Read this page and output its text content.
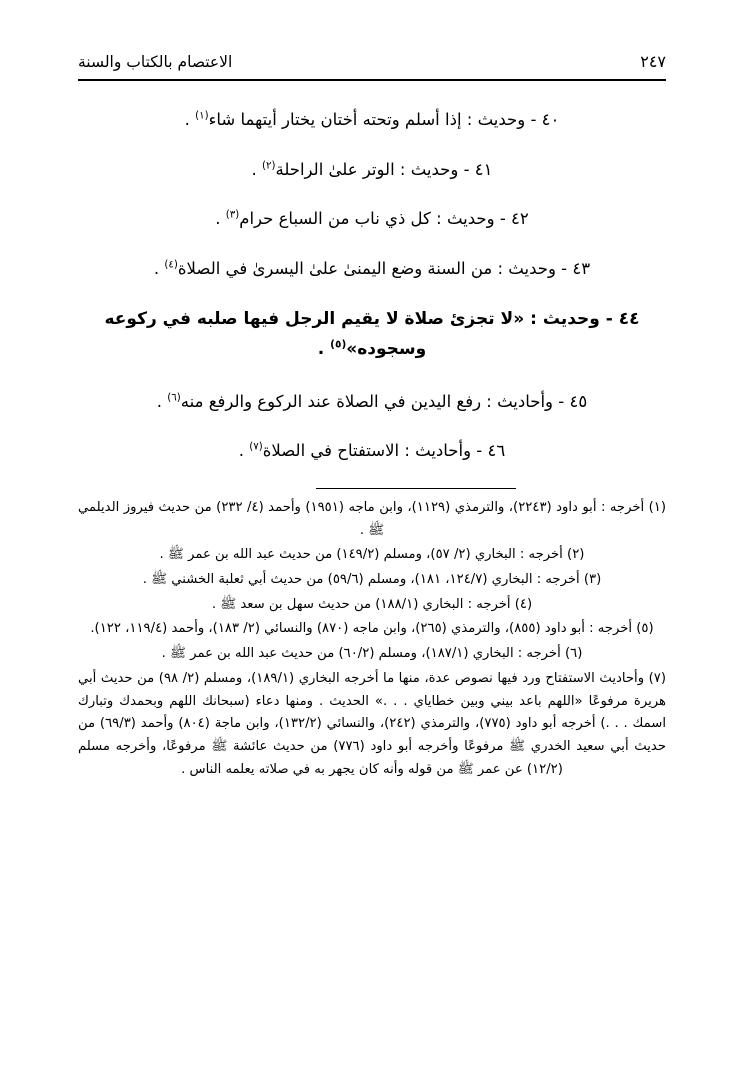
الاعتصام بالكتاب والسنة	٢٤٧
٤٠ - وحديث : إذا أسلم وتحته أختان يختار أيتهما شاء$^{(١)}$ .
٤١ - وحديث : الوتر علىٰ الراحلة$^{(٢)}$ .
٤٢ - وحديث : كل ذي ناب من السباع حرام$^{(٣)}$ .
٤٣ - وحديث : من السنة وضع اليمنىٰ علىٰ اليسرىٰ في الصلاة$^{(٤)}$ .
٤٤ - وحديث : «لا تجزئ صلاة لا يقيم الرجل فيها صلبه في ركوعه وسجوده»$^{(٥)}$ .
٤٥ - وأحاديث : رفع اليدين في الصلاة عند الركوع والرفع منه$^{(٦)}$ .
٤٦ - وأحاديث : الاستفتاح في الصلاة$^{(٧)}$ .
(١) أخرجه : أبو داود (٢٢٤٣)، والترمذي (١١٢٩)، وابن ماجه (١٩٥١) وأحمد (٤/ ٢٣٢) من حديث فيروز الديلمي ﷺ .
(٢) أخرجه : البخاري (٢/ ٥٧)، ومسلم (١٤٩/٢) من حديث عبد الله بن عمر ﷺ .
(٣) أخرجه : البخاري (١٢٤/٧، ١٨١)، ومسلم (٥٩/٦) من حديث أبي ثعلبة الخشني ﷺ .
(٤) أخرجه : البخاري (١٨٨/١) من حديث سهل بن سعد ﷺ .
(٥) أخرجه : أبو داود (٨٥٥)، والترمذي (٢٦٥)، وابن ماجه (٨٧٠) والنسائي (٢/ ١٨٣)، وأحمد (١١٩/٤، ١٢٢).
(٦) أخرجه : البخاري (١٨٧/١)، ومسلم (٦٠/٢) من حديث عبد الله بن عمر ﷺ .
(٧) وأحاديث الاستفتاح ورد فيها نصوص عدة، منها ما أخرجه البخاري (١٨٩/١)، ومسلم (٢/ ٩٨) من حديث أبي هريرة مرفوعًا «اللهم باعد بيني وبين خطاياي . . .» الحديث . ومنها دعاء (سبحانك اللهم وبحمدك وتبارك اسمك . . .) أخرجه أبو داود (٧٧٥)، والترمذي (٢٤٢)، والنسائي (١٣٢/٢)، وابن ماجة (٨٠٤) وأحمد (٦٩/٣) من حديث أبي سعيد الخدري ﷺ مرفوعًا وأخرجه أبو داود (٧٧٦) من حديث عائشة ﷺ مرفوعًا، وأخرجه مسلم (١٢/٢) عن عمر ﷺ من قوله وأنه كان يجهر به في صلاته يعلمه الناس .
